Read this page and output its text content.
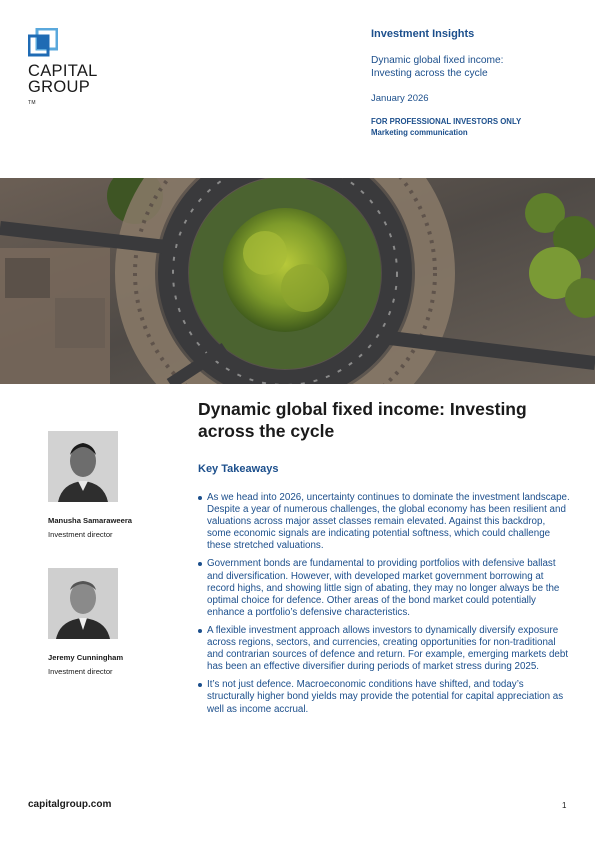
CAPITAL
GROUP
TM
Investment Insights
Dynamic global fixed income:
Investing across the cycle
January 2026
FOR PROFESSIONAL INVESTORS ONLY
Marketing communication
Manusha Samaraweera
Investment director
Jeremy Cunningham
Investment director
Dynamic global fixed income: Investing across the cycle
Key Takeaways
As we head into 2026, uncertainty continues to dominate the investment landscape. Despite a year of numerous challenges, the global economy has been resilient and valuations across major asset classes remain elevated. Against this backdrop, some economic signals are indicating potential softness, which could challenge these stretched valuations.
Government bonds are fundamental to providing portfolios with defensive ballast and diversification. However, with developed market government borrowing at record highs, and showing little sign of abating, they may no longer always be the optimal choice for defence. Other areas of the bond market could potentially enhance a portfolio’s defensive characteristics.
A flexible investment approach allows investors to dynamically diversify exposure across regions, sectors, and currencies, creating opportunities for non-traditional and contrarian sources of defence and return. For example, emerging markets debt has been an effective diversifier during periods of market stress during 2025.
It’s not just defence. Macroeconomic conditions have shifted, and today’s structurally higher bond yields may provide the potential for capital appreciation as well as income accrual.
capitalgroup.com	1
